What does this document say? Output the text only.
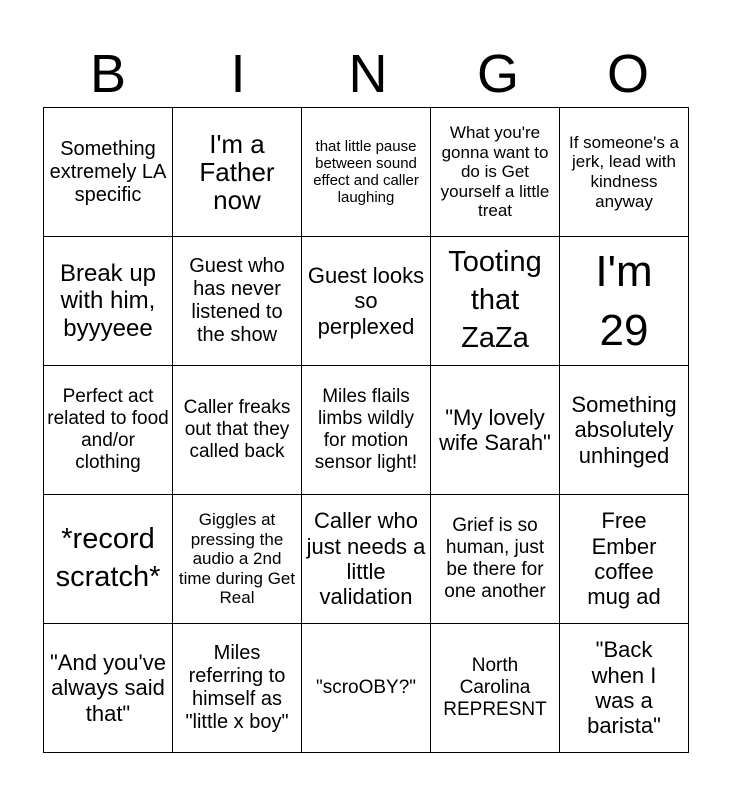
B	I	N	G	O
Something extremely LA specific	I'm a Father now	that little pause between sound effect and caller laughing	What you're gonna want to do is Get yourself a little treat	If someone's a jerk, lead with kindness anyway
Break up with him, byyyeee	Guest who has never listened to the show	Guest looks so perplexed	Tooting that ZaZa	I'm 29
Perfect act related to food and/or clothing	Caller freaks out that they called back	Miles flails limbs wildly for motion sensor light!	"My lovely wife Sarah"	Something absolutely unhinged
*record scratch*	Giggles at pressing the audio a 2nd time during Get Real	Caller who just needs a little validation	Grief is so human, just be there for one another	Free Ember coffee mug ad
"And you've always said that"	Miles referring to himself as "little x boy"	"scroOBY?"	North Carolina REPRESNT	"Back when I was a barista"
